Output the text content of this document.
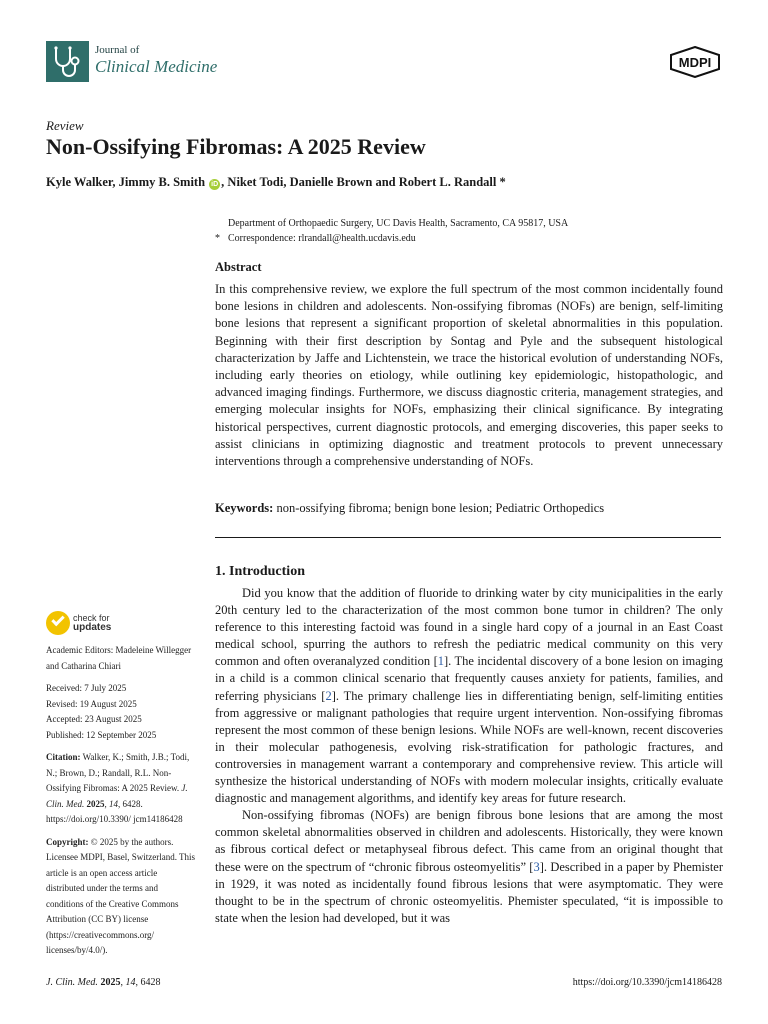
Journal of
Clinical Medicine	MDPI
Review
Non-Ossifying Fibromas: A 2025 Review
Kyle Walker, Jimmy B. Smith iD , Niket Todi, Danielle Brown and Robert L. Randall *
Department of Orthopaedic Surgery, UC Davis Health, Sacramento, CA 95817, USA
* Correspondence: rlrandall@health.ucdavis.edu
Abstract
In this comprehensive review, we explore the full spectrum of the most common incidentally found bone lesions in children and adolescents. Non-ossifying fibromas (NOFs) are benign, self-limiting bone lesions that represent a significant proportion of skeletal abnormalities in this population. Beginning with their first description by Sontag and Pyle and the subsequent histological characterization by Jaffe and Lichtenstein, we trace the historical evolution of understanding NOFs, including early theories on etiology, while outlining key epidemiologic, histopathologic, and advanced imaging findings. Furthermore, we discuss diagnostic criteria, management strategies, and emerging molecular insights for NOFs, emphasizing their clinical significance. By integrating historical perspectives, current diagnostic protocols, and emerging discoveries, this paper seeks to assist clinicians in optimizing diagnostic and treatment protocols to prevent unnecessary interventions through a comprehensive understanding of NOFs.
Keywords: non-ossifying fibroma; benign bone lesion; Pediatric Orthopedics
1. Introduction

Did you know that the addition of fluoride to drinking water by city municipalities in the early 20th century led to the characterization of the most common bone tumor in children? The only reference to this interesting factoid was found in a single hard copy of a journal in an East Coast medical school, spurring the authors to refresh the pediatric medical community on this very common and often overanalyzed condition [1]. The incidental discovery of a bone lesion on imaging in a child is a common clinical scenario that frequently causes anxiety for patients, families, and referring physicians [2]. The primary challenge lies in differentiating benign, self-limiting entities from aggressive or malignant pathologies that require urgent intervention. Non-ossifying fibromas represent the most common of these benign lesions. While NOFs are well-known, recent discoveries in their molecular pathogenesis, evolving risk-stratification for pathologic fractures, and controversies in management warrant a contemporary and comprehensive review. This article will synthesize the historical understanding of NOFs with modern molecular insights, critically evaluate diagnostic and management algorithms, and identify key areas for future research.

Non-ossifying fibromas (NOFs) are benign fibrous bone lesions that are among the most common skeletal abnormalities observed in children and adolescents. Historically, they were known as fibrous cortical defect or metaphyseal fibrous defect. This came from an original thought that these were on the spectrum of “chronic fibrous osteomyelitis” [3]. Described in a paper by Phemister in 1929, it was noted as incidentally found fibrous lesions that were asymptomatic. They were thought to be in the spectrum of chronic osteomyelitis. Phemister speculated, “it is impossible to state when the lesion had developed, but it was

check for
updates
Academic Editors: Madeleine Willegger and Catharina Chiari
Received: 7 July 2025
Revised: 19 August 2025
Accepted: 23 August 2025
Published: 12 September 2025
Citation: Walker, K.; Smith, J.B.; Todi, N.; Brown, D.; Randall, R.L. Non-Ossifying Fibromas: A 2025 Review. J. Clin. Med. 2025, 14, 6428. https://doi.org/10.3390/ jcm14186428
Copyright: © 2025 by the authors. Licensee MDPI, Basel, Switzerland. This article is an open access article distributed under the terms and conditions of the Creative Commons Attribution (CC BY) license (https://creativecommons.org/ licenses/by/4.0/).
J. Clin. Med. 2025, 14, 6428	https://doi.org/10.3390/jcm14186428
